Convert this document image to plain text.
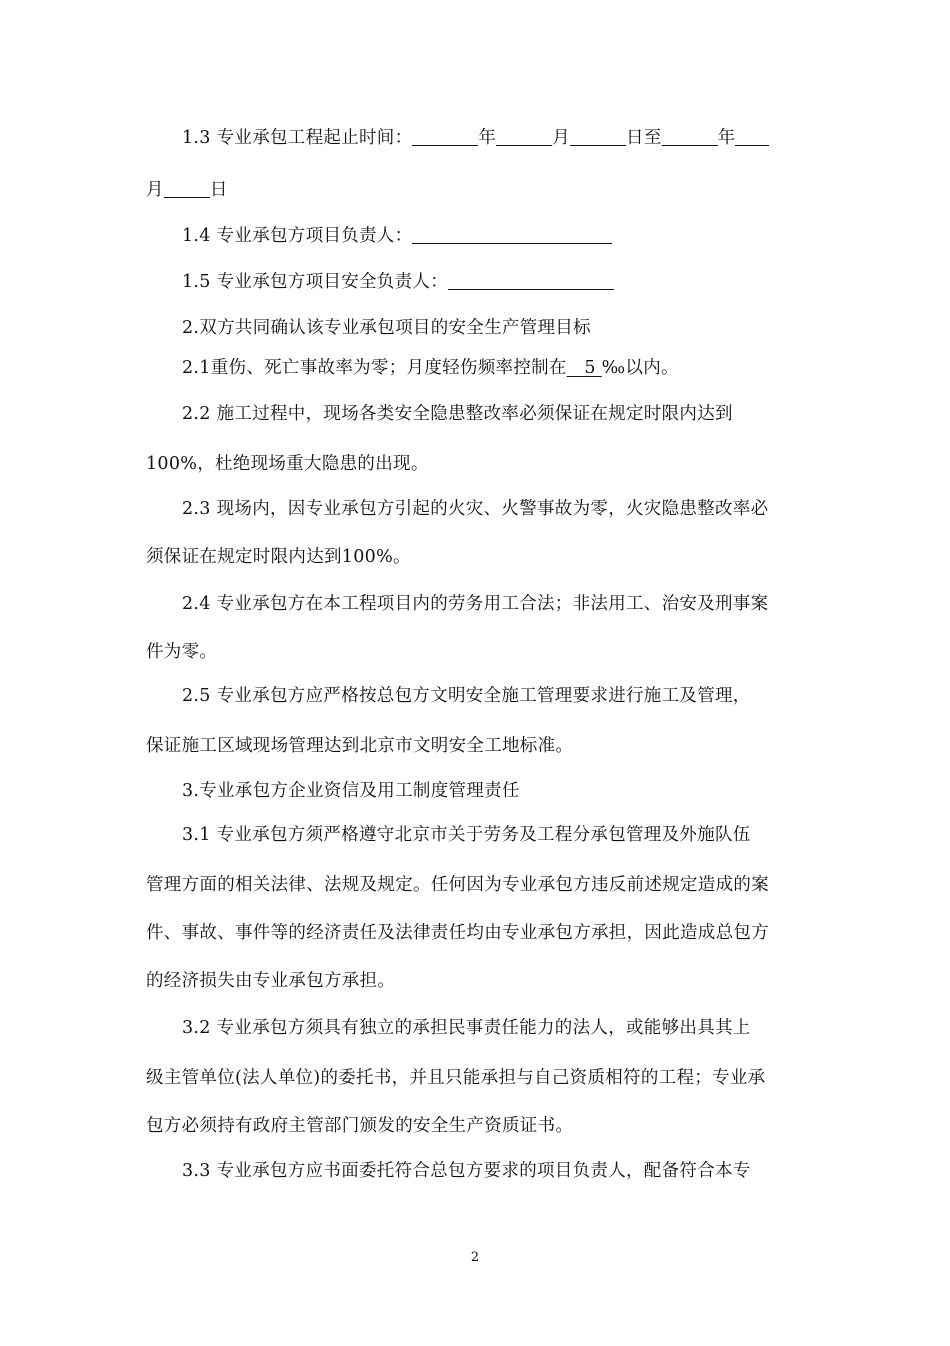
1.3 专业承包工程起止时间：	年	月	日至	年
月	日
1.4 专业承包方项目负责人：
1.5 专业承包方项目安全负责人：
2.双方共同确认该专业承包项目的安全生产管理目标
2.1重伤、死亡事故率为零；月度轻伤频率控制在 5 ‰以内。
2.2 施工过程中，现场各类安全隐患整改率必须保证在规定时限内达到
100%，杜绝现场重大隐患的出现。
2.3 现场内，因专业承包方引起的火灾、火警事故为零，火灾隐患整改率必
须保证在规定时限内达到100%。
2.4 专业承包方在本工程项目内的劳务用工合法；非法用工、治安及刑事案
件为零。
2.5 专业承包方应严格按总包方文明安全施工管理要求进行施工及管理，
保证施工区域现场管理达到北京市文明安全工地标准。
3.专业承包方企业资信及用工制度管理责任
3.1 专业承包方须严格遵守北京市关于劳务及工程分承包管理及外施队伍
管理方面的相关法律、法规及规定。任何因为专业承包方违反前述规定造成的案
件、事故、事件等的经济责任及法律责任均由专业承包方承担，因此造成总包方
的经济损失由专业承包方承担。
3.2 专业承包方须具有独立的承担民事责任能力的法人，或能够出具其上
级主管单位(法人单位)的委托书，并且只能承担与自己资质相符的工程；专业承
包方必须持有政府主管部门颁发的安全生产资质证书。
3.3 专业承包方应书面委托符合总包方要求的项目负责人，配备符合本专
2
